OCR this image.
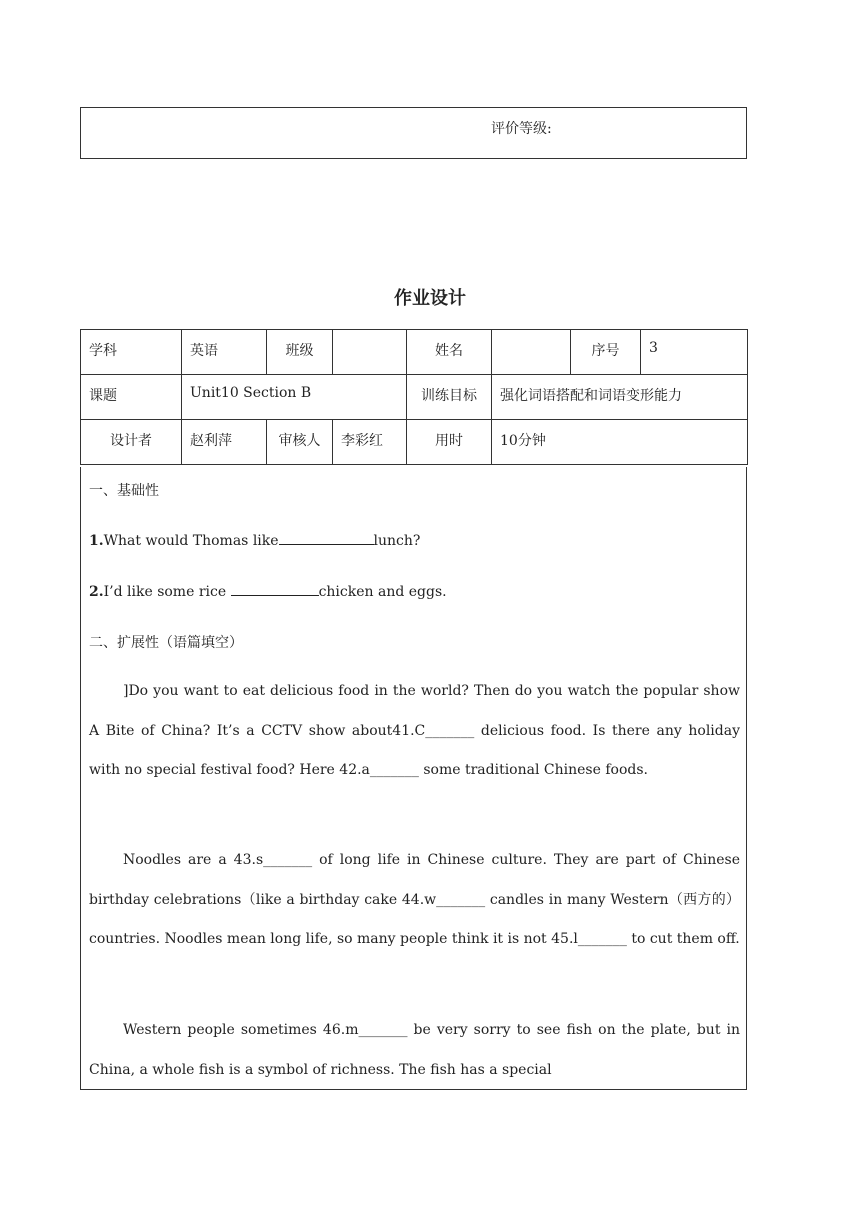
评价等级:
作业设计
学科	英语	班级		姓名		序号	3
课题	Unit10 Section B			训练目标	强化词语搭配和词语变形能力		
设计者	赵利萍	审核人	李彩红	用时	10分钟		
一、基础性
1.What would Thomas like	lunch?
2.I’d like some rice	chicken and eggs.
二、扩展性（语篇填空）
]Do you want to eat delicious food in the world? Then do you watch the popular show A Bite of China? It’s a CCTV show about41.C_______ delicious food. Is there any holiday with no special festival food? Here 42.a_______ some traditional Chinese foods.
Noodles are a 43.s_______ of long life in Chinese culture. They are part of Chinese birthday celebrations（like a birthday cake 44.w_______ candles in many Western（西方的）countries. Noodles mean long life, so many people think it is not 45.l_______ to cut them off.
Western people sometimes 46.m_______ be very sorry to see fish on the plate, but in China, a whole fish is a symbol of richness. The fish has a special
